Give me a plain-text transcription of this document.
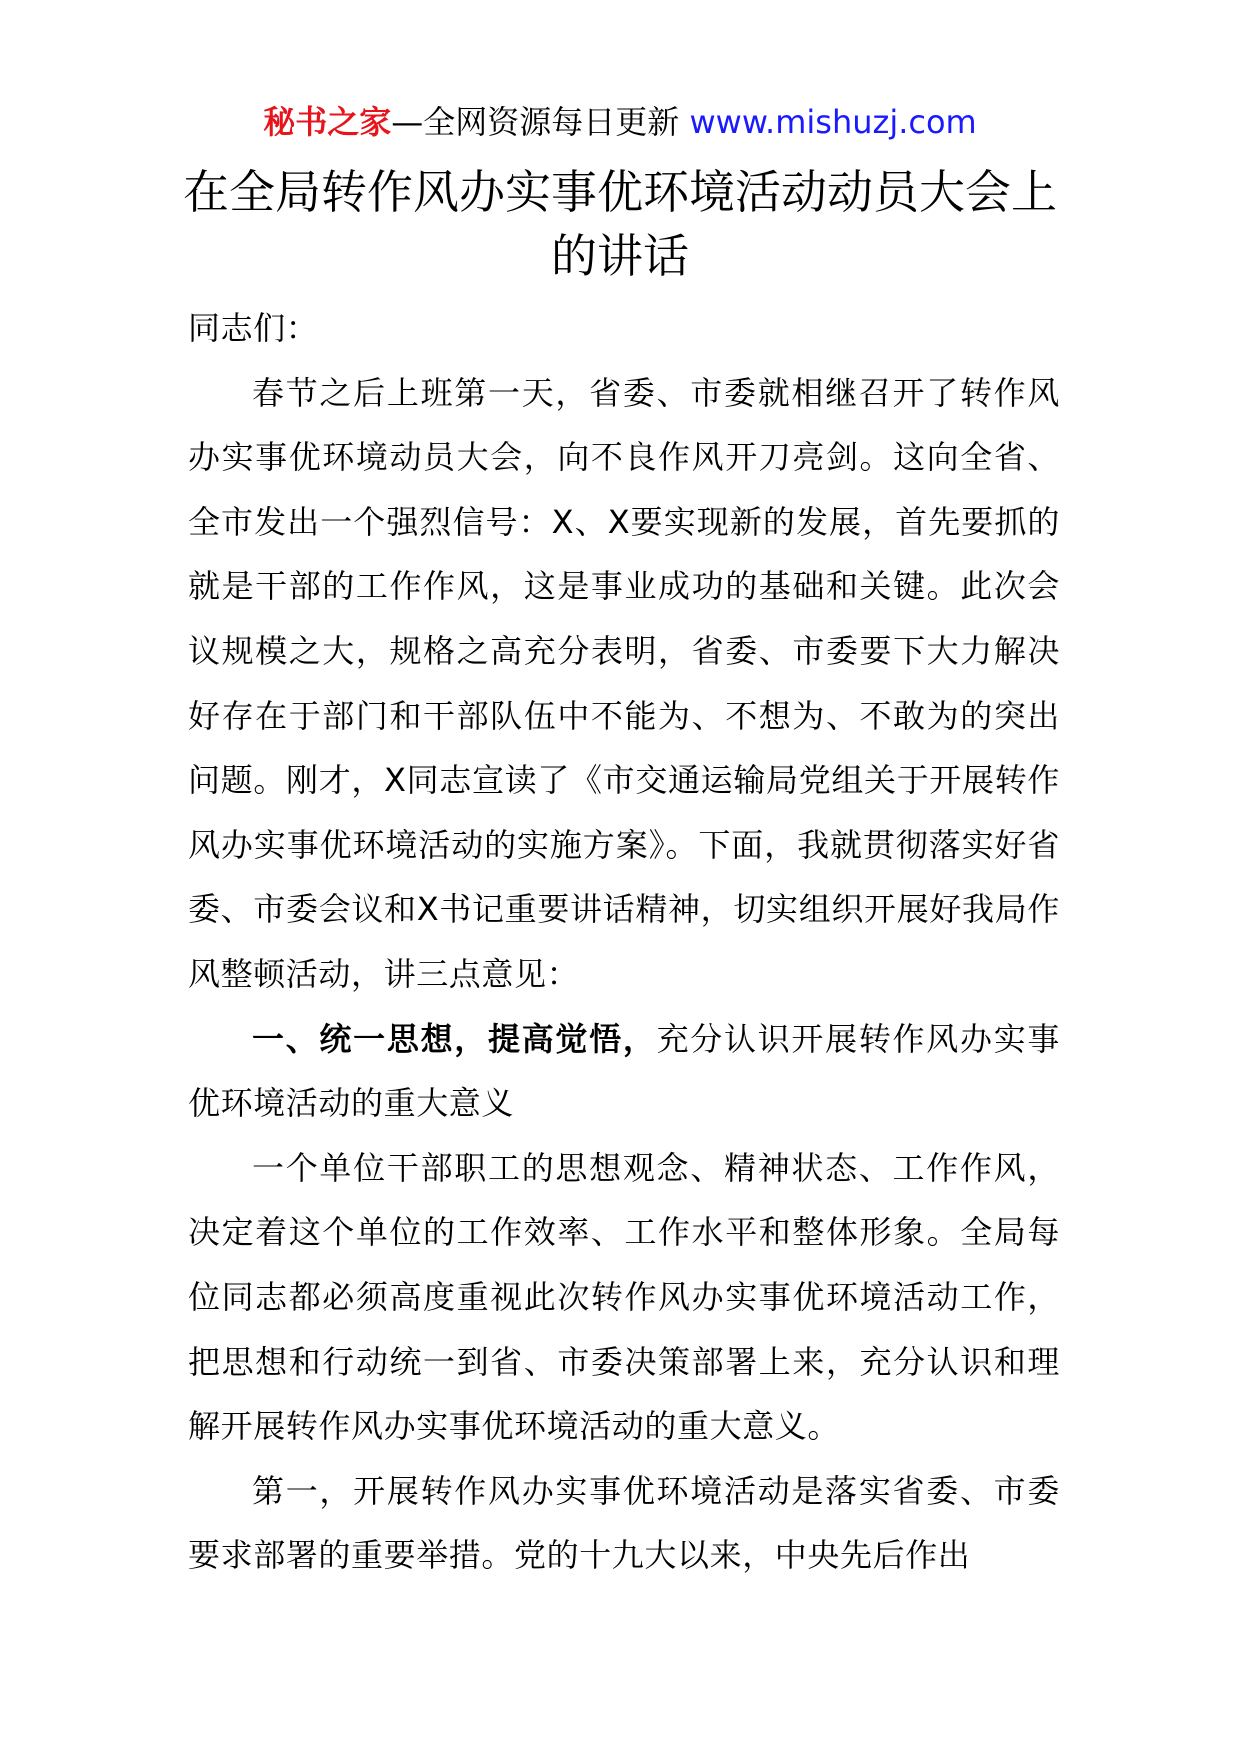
秘书之家—全网资源每日更新 www.mishuzj.com
在全局转作风办实事优环境活动动员大会上的讲话

同志们：

春节之后上班第一天，省委、市委就相继召开了转作风办实事优环境动员大会，向不良作风开刀亮剑。这向全省、全市发出一个强烈信号：X、X要实现新的发展，首先要抓的就是干部的工作作风，这是事业成功的基础和关键。此次会议规模之大，规格之高充分表明，省委、市委要下大力解决好存在于部门和干部队伍中不能为、不想为、不敢为的突出问题。刚才，X同志宣读了《市交通运输局党组关于开展转作风办实事优环境活动的实施方案》。下面，我就贯彻落实好省委、市委会议和X书记重要讲话精神，切实组织开展好我局作风整顿活动，讲三点意见：

一、统一思想，提高觉悟，充分认识开展转作风办实事优环境活动的重大意义

一个单位干部职工的思想观念、精神状态、工作作风，决定着这个单位的工作效率、工作水平和整体形象。全局每位同志都必须高度重视此次转作风办实事优环境活动工作，把思想和行动统一到省、市委决策部署上来，充分认识和理解开展转作风办实事优环境活动的重大意义。

第一，开展转作风办实事优环境活动是落实省委、市委要求部署的重要举措。党的十九大以来，中央先后作出
